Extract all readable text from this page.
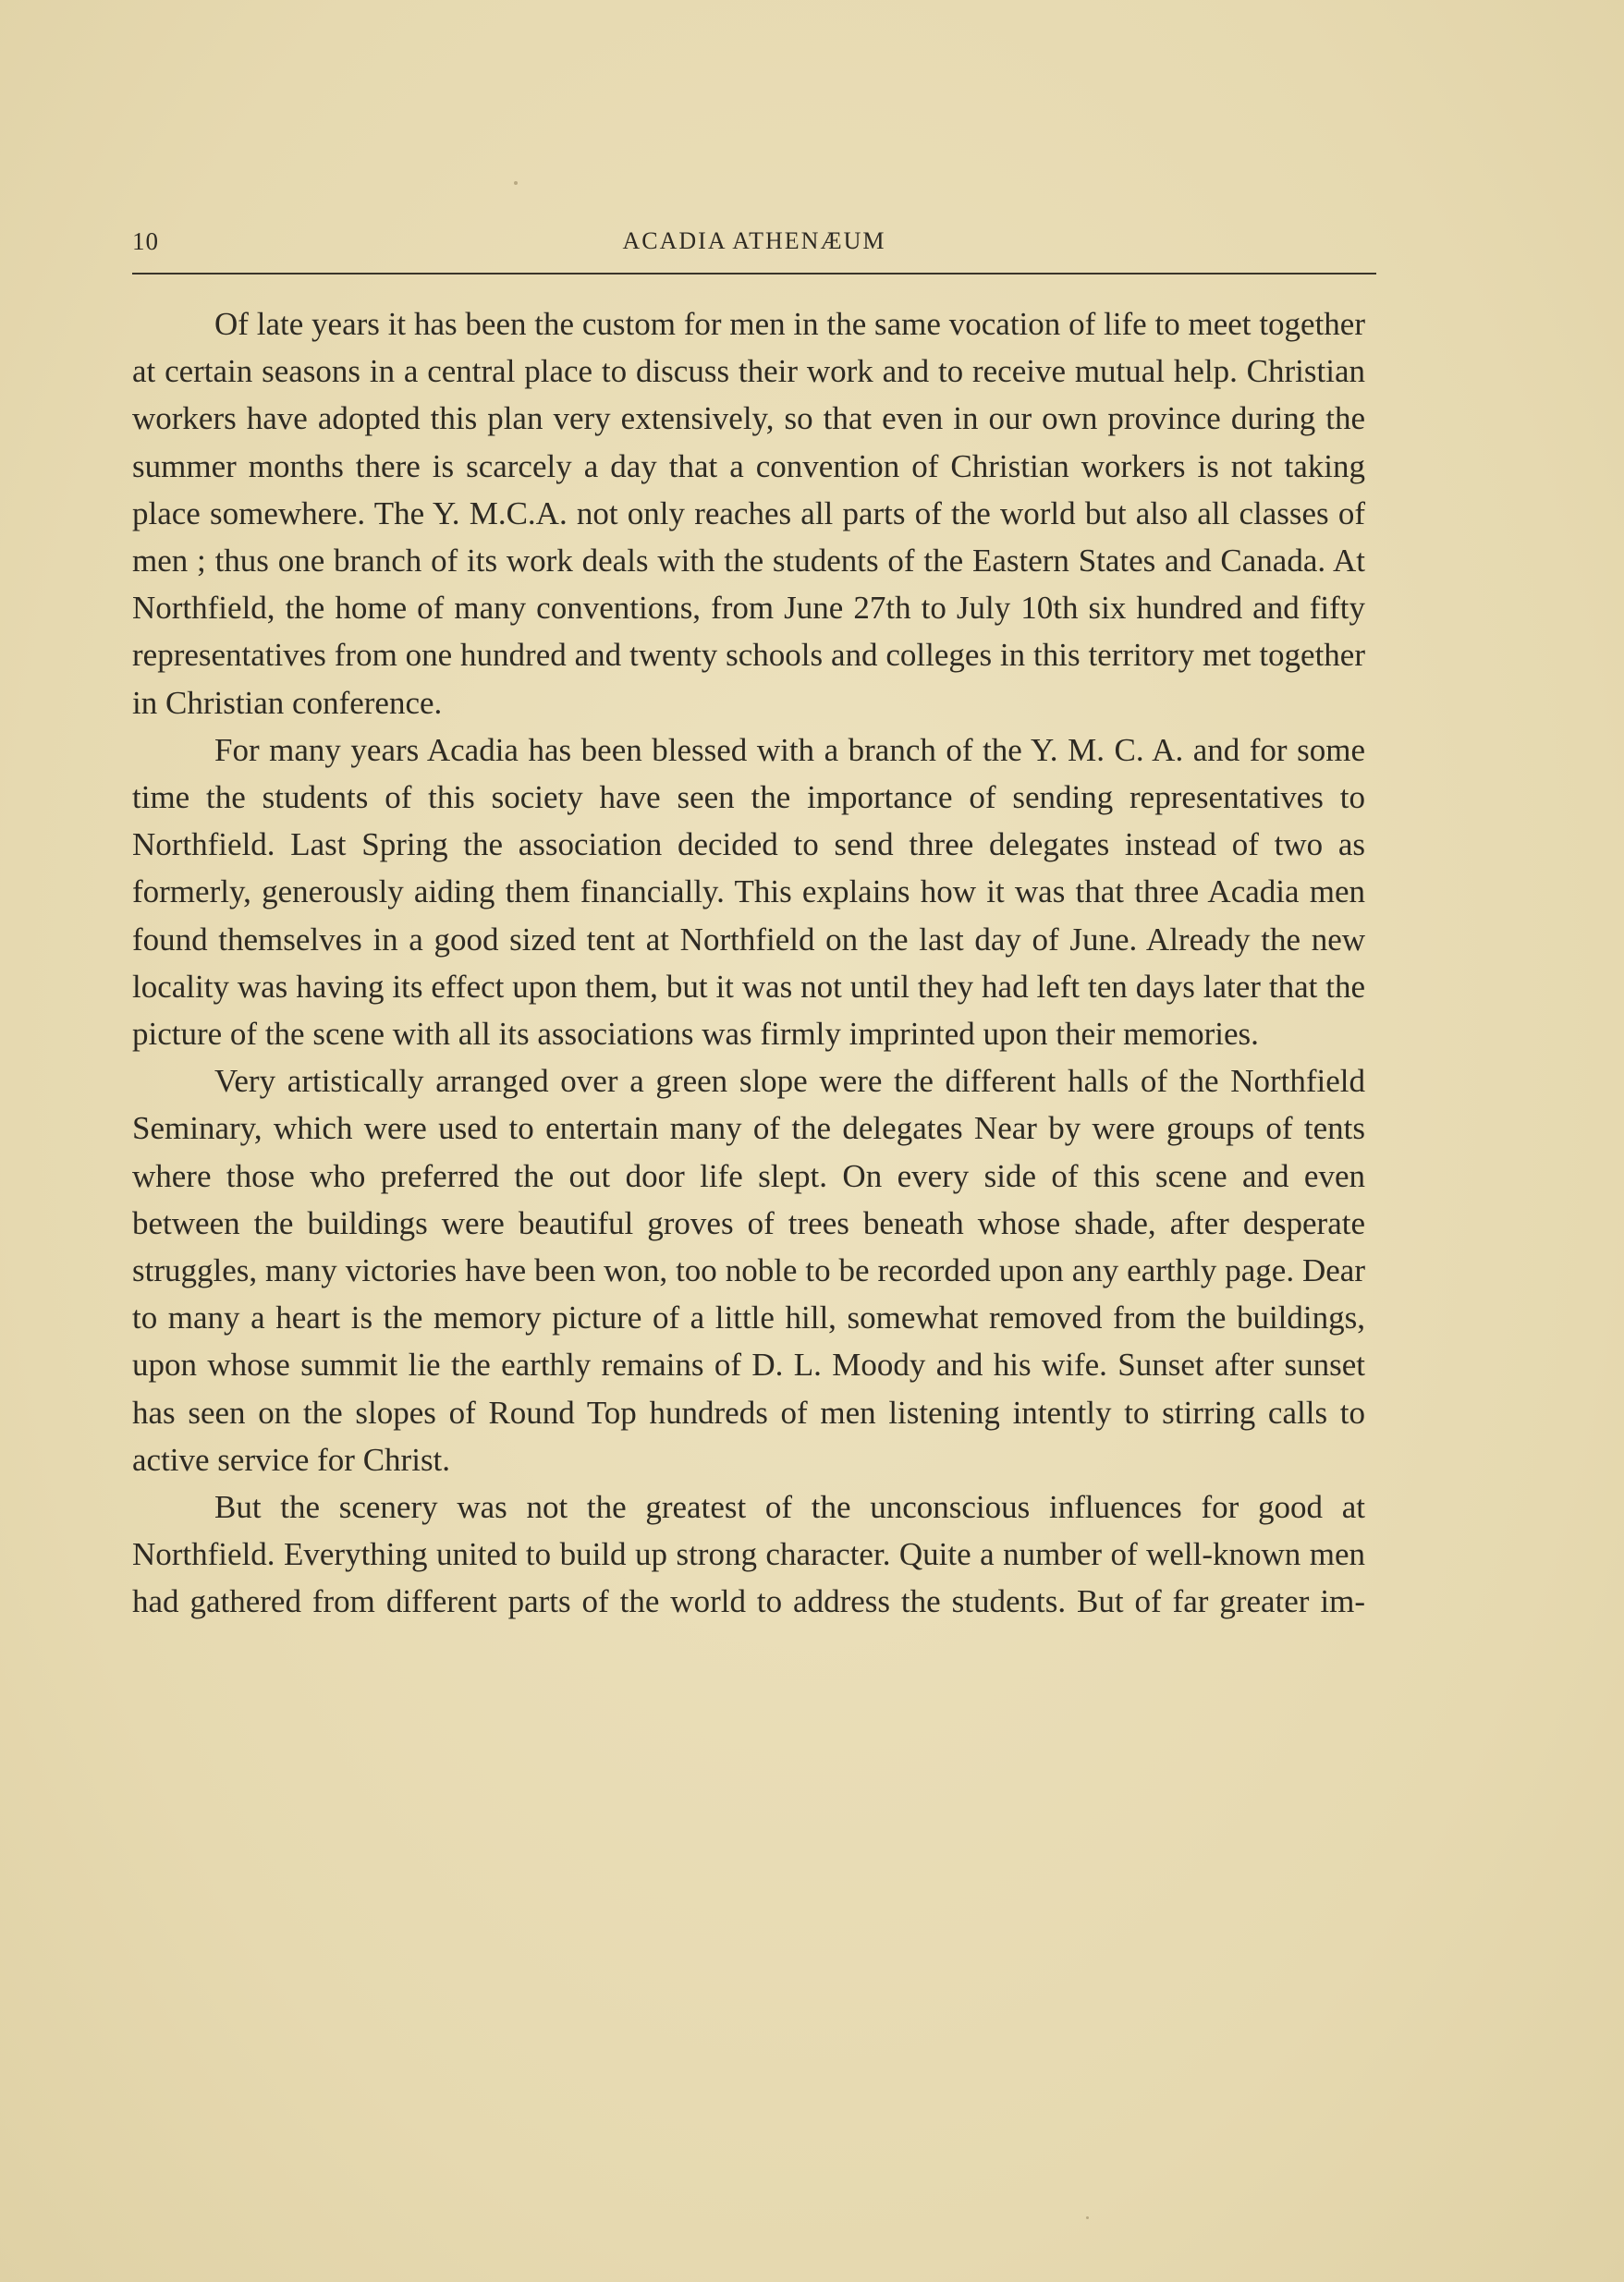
10	ACADIA ATHENÆUM

Of late years it has been the custom for men in the same vocation of life to meet together at certain seasons in a central place to discuss their work and to receive mutual help. Christian workers have adopted this plan very extensively, so that even in our own province during the summer months there is scarcely a day that a convention of Christian workers is not taking place somewhere. The Y. M.C.A. not only reaches all parts of the world but also all classes of men ; thus one branch of its work deals with the students of the Eastern States and Canada. At Northfield, the home of many conventions, from June 27th to July 10th six hundred and fifty representatives from one hundred and twenty schools and colleges in this territory met together in Christian conference.

For many years Acadia has been blessed with a branch of the Y. M. C. A. and for some time the students of this society have seen the importance of sending representatives to Northfield. Last Spring the association decided to send three delegates instead of two as formerly, generously aiding them financially. This explains how it was that three Acadia men found themselves in a good sized tent at Northfield on the last day of June. Already the new locality was having its effect upon them, but it was not until they had left ten days later that the picture of the scene with all its associations was firmly imprinted upon their memories.

Very artistically arranged over a green slope were the different halls of the Northfield Seminary, which were used to entertain many of the delegates Near by were groups of tents where those who preferred the out door life slept. On every side of this scene and even between the buildings were beautiful groves of trees beneath whose shade, after desperate struggles, many victories have been won, too noble to be recorded upon any earthly page. Dear to many a heart is the memory picture of a little hill, somewhat removed from the buildings, upon whose summit lie the earthly remains of D. L. Moody and his wife. Sunset after sunset has seen on the slopes of Round Top hundreds of men listening intently to stirring calls to active service for Christ.

But the scenery was not the greatest of the unconscious influences for good at Northfield. Everything united to build up strong character. Quite a number of well-known men had gathered from different parts of the world to address the students. But of far greater im-
